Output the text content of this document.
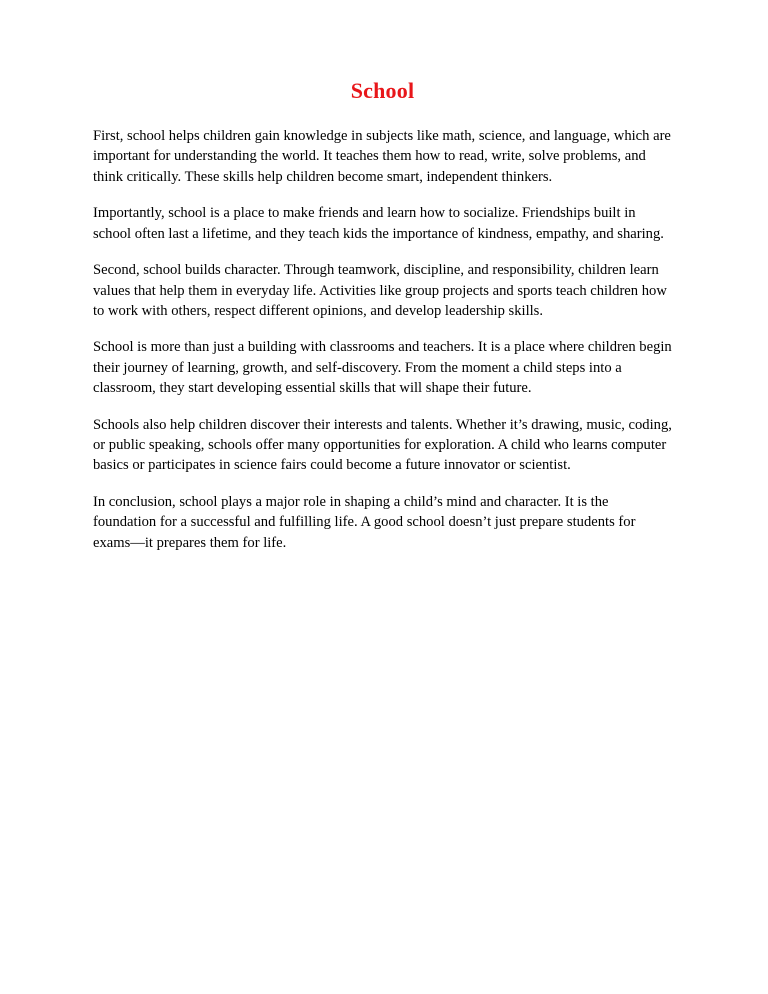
School

First, school helps children gain knowledge in subjects like math, science, and language, which are important for understanding the world. It teaches them how to read, write, solve problems, and think critically. These skills help children become smart, independent thinkers.

Importantly, school is a place to make friends and learn how to socialize. Friendships built in school often last a lifetime, and they teach kids the importance of kindness, empathy, and sharing.

Second, school builds character. Through teamwork, discipline, and responsibility, children learn values that help them in everyday life. Activities like group projects and sports teach children how to work with others, respect different opinions, and develop leadership skills.

School is more than just a building with classrooms and teachers. It is a place where children begin their journey of learning, growth, and self-discovery. From the moment a child steps into a classroom, they start developing essential skills that will shape their future.

Schools also help children discover their interests and talents. Whether it’s drawing, music, coding, or public speaking, schools offer many opportunities for exploration. A child who learns computer basics or participates in science fairs could become a future innovator or scientist.

In conclusion, school plays a major role in shaping a child’s mind and character. It is the foundation for a successful and fulfilling life. A good school doesn’t just prepare students for exams—it prepares them for life.
